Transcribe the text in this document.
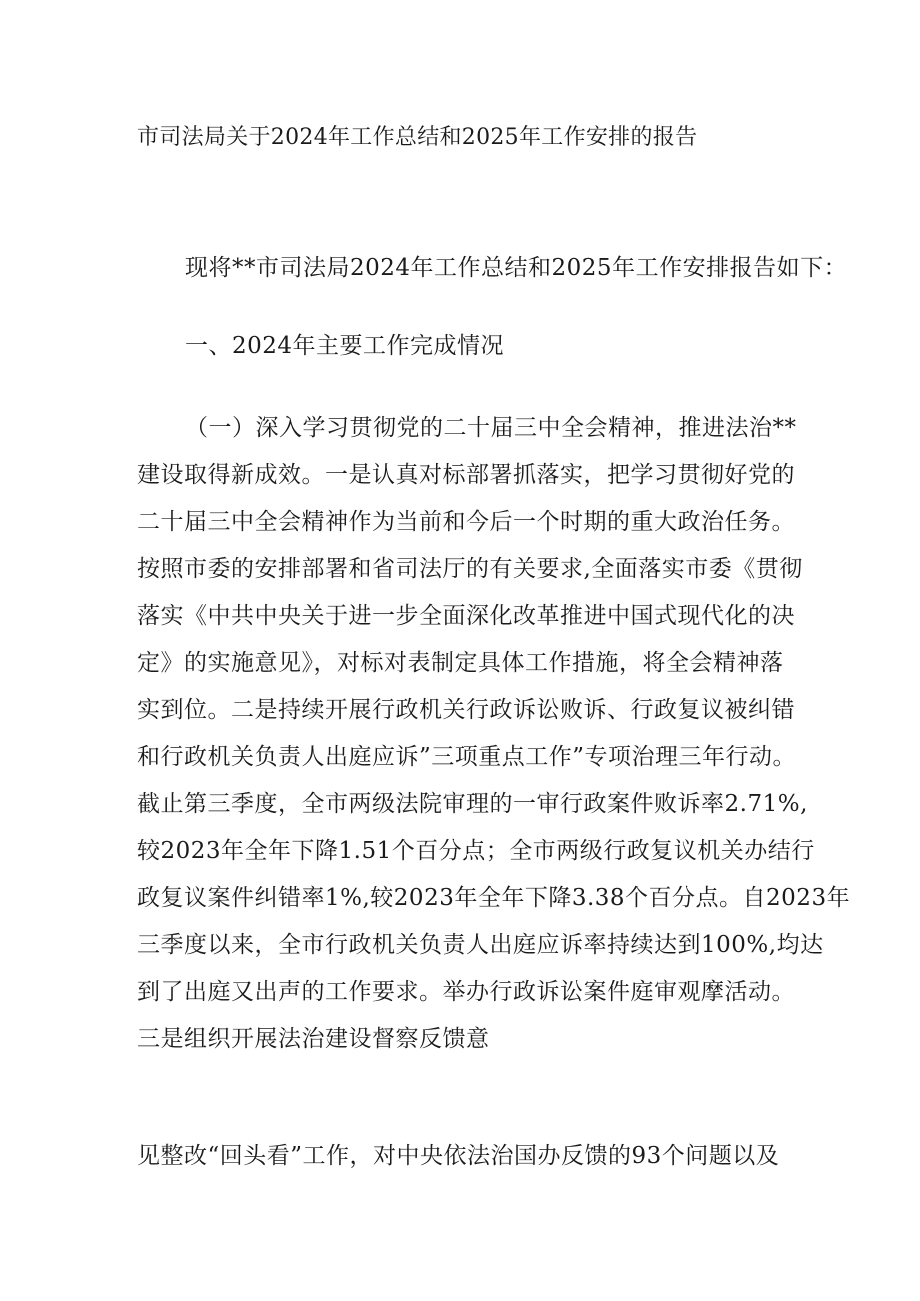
市司法局关于2024年工作总结和2025年工作安排的报告
现将**市司法局2024年工作总结和2025年工作安排报告如下：
一、2024年主要工作完成情况
（一）深入学习贯彻党的二十届三中全会精神，推进法治**
建设取得新成效。一是认真对标部署抓落实，把学习贯彻好党的
二十届三中全会精神作为当前和今后一个时期的重大政治任务。
按照市委的安排部署和省司法厅的有关要求,全面落实市委《贯彻
落实《中共中央关于进一步全面深化改革推进中国式现代化的决
定》的实施意见》，对标对表制定具体工作措施，将全会精神落
实到位。二是持续开展行政机关行政诉讼败诉、行政复议被纠错
和行政机关负责人出庭应诉”三项重点工作”专项治理三年行动。
截止第三季度，全市两级法院审理的一审行政案件败诉率2.71%,
较2023年全年下降1.51个百分点；全市两级行政复议机关办结行
政复议案件纠错率1%,较2023年全年下降3.38个百分点。自2023年
三季度以来，全市行政机关负责人出庭应诉率持续达到100%,均达
到了出庭又出声的工作要求。举办行政诉讼案件庭审观摩活动。
三是组织开展法治建设督察反馈意
见整改“回头看”工作，对中央依法治国办反馈的93个问题以及
